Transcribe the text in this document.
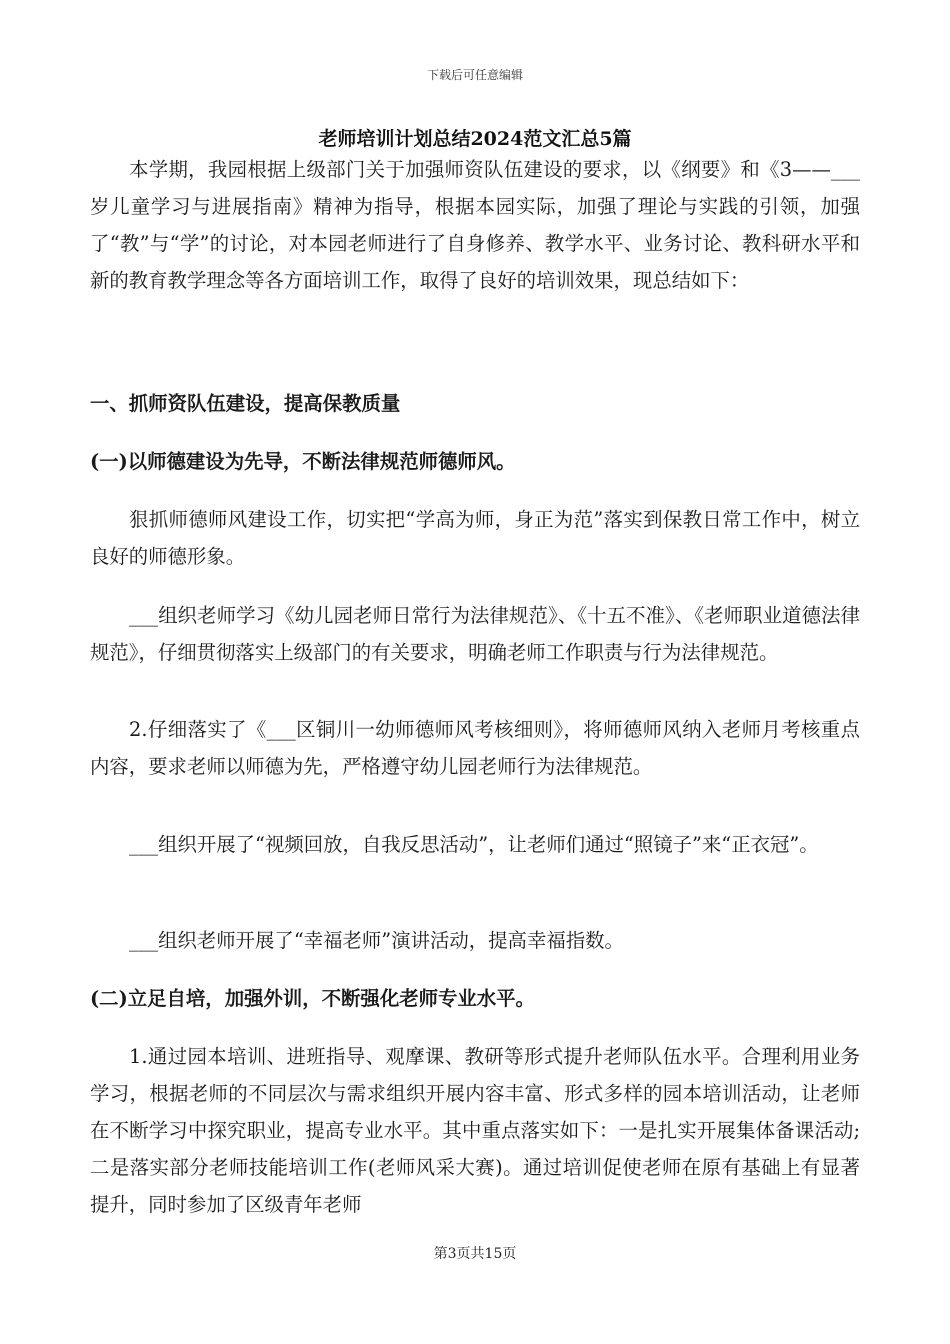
下载后可任意编辑
老师培训计划总结2024范文汇总5篇
本学期，我园根据上级部门关于加强师资队伍建设的要求，以《纲要》和《3——___岁儿童学习与进展指南》精神为指导，根据本园实际，加强了理论与实践的引领，加强了“教”与“学”的讨论，对本园老师进行了自身修养、教学水平、业务讨论、教科研水平和新的教育教学理念等各方面培训工作，取得了良好的培训效果，现总结如下：
一、抓师资队伍建设，提高保教质量
(一)以师德建设为先导，不断法律规范师德师风。
狠抓师德师风建设工作，切实把“学高为师，身正为范”落实到保教日常工作中，树立良好的师德形象。
___组织老师学习《幼儿园老师日常行为法律规范》、《十五不准》、《老师职业道德法律规范》，仔细贯彻落实上级部门的有关要求，明确老师工作职责与行为法律规范。
2.仔细落实了《___区铜川一幼师德师风考核细则》，将师德师风纳入老师月考核重点内容，要求老师以师德为先，严格遵守幼儿园老师行为法律规范。
___组织开展了“视频回放，自我反思活动”，让老师们通过“照镜子”来“正衣冠”。
___组织老师开展了“幸福老师”演讲活动，提高幸福指数。
(二)立足自培，加强外训，不断强化老师专业水平。
1.通过园本培训、进班指导、观摩课、教研等形式提升老师队伍水平。合理利用业务学习，根据老师的不同层次与需求组织开展内容丰富、形式多样的园本培训活动，让老师在不断学习中探究职业，提高专业水平。其中重点落实如下：一是扎实开展集体备课活动;二是落实部分老师技能培训工作(老师风采大赛)。通过培训促使老师在原有基础上有显著提升，同时参加了区级青年老师
第3页共15页
